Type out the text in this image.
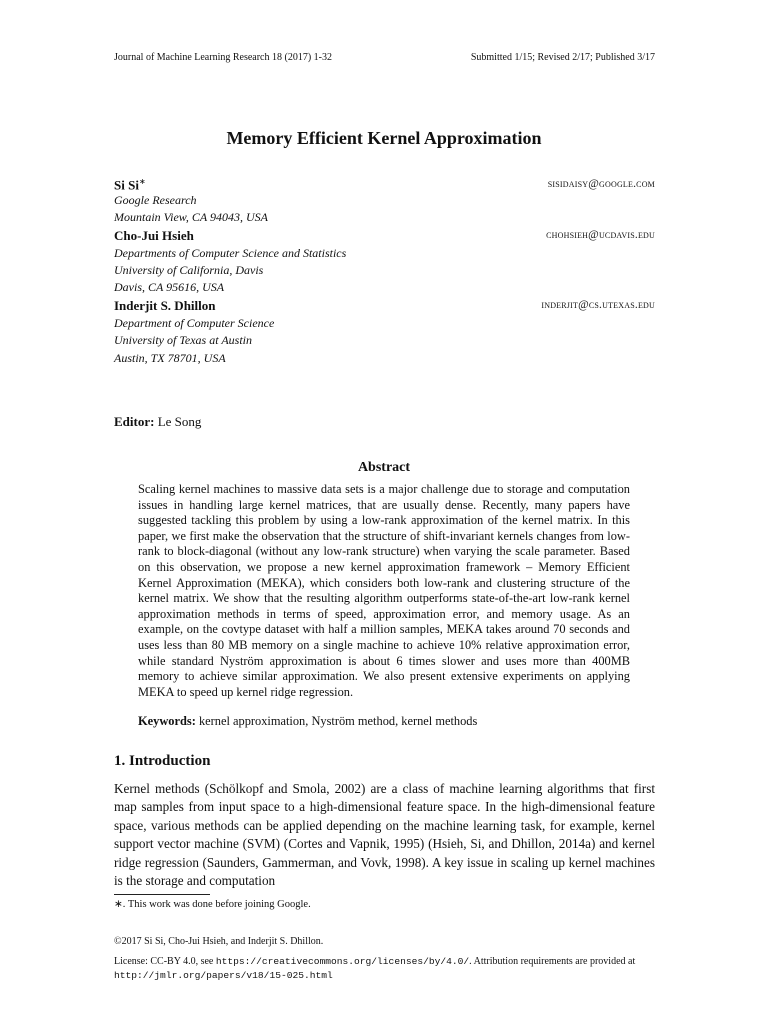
Journal of Machine Learning Research 18 (2017) 1-32	Submitted 1/15; Revised 2/17; Published 3/17
Memory Efficient Kernel Approximation
Si Si∗	sisidaisy@google.com
Google Research
Mountain View, CA 94043, USA
Cho-Jui Hsieh	chohsieh@ucdavis.edu
Departments of Computer Science and Statistics
University of California, Davis
Davis, CA 95616, USA
Inderjit S. Dhillon	inderjit@cs.utexas.edu
Department of Computer Science
University of Texas at Austin
Austin, TX 78701, USA
Editor: Le Song
Abstract
Scaling kernel machines to massive data sets is a major challenge due to storage and computation issues in handling large kernel matrices, that are usually dense. Recently, many papers have suggested tackling this problem by using a low-rank approximation of the kernel matrix. In this paper, we first make the observation that the structure of shift-invariant kernels changes from low-rank to block-diagonal (without any low-rank structure) when varying the scale parameter. Based on this observation, we propose a new kernel approximation framework – Memory Efficient Kernel Approximation (MEKA), which considers both low-rank and clustering structure of the kernel matrix. We show that the resulting algorithm outperforms state-of-the-art low-rank kernel approximation methods in terms of speed, approximation error, and memory usage. As an example, on the covtype dataset with half a million samples, MEKA takes around 70 seconds and uses less than 80 MB memory on a single machine to achieve 10% relative approximation error, while standard Nyström approximation is about 6 times slower and uses more than 400MB memory to achieve similar approximation. We also present extensive experiments on applying MEKA to speed up kernel ridge regression.
Keywords: kernel approximation, Nyström method, kernel methods
1. Introduction
Kernel methods (Schölkopf and Smola, 2002) are a class of machine learning algorithms that first map samples from input space to a high-dimensional feature space. In the high-dimensional feature space, various methods can be applied depending on the machine learning task, for example, kernel support vector machine (SVM) (Cortes and Vapnik, 1995) (Hsieh, Si, and Dhillon, 2014a) and kernel ridge regression (Saunders, Gammerman, and Vovk, 1998). A key issue in scaling up kernel machines is the storage and computation
∗. This work was done before joining Google.
©2017 Si Si, Cho-Jui Hsieh, and Inderjit S. Dhillon.
License: CC-BY 4.0, see https://creativecommons.org/licenses/by/4.0/. Attribution requirements are provided at http://jmlr.org/papers/v18/15-025.html
